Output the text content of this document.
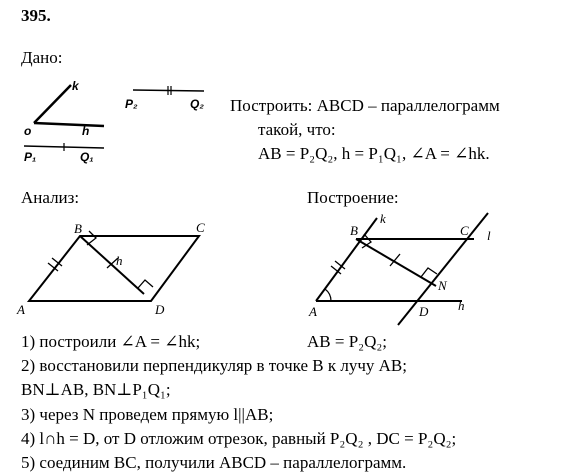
395.
Дано:
Построить: ABCD – параллелограмм
такой, что:
AB = P₂Q₂, h = P₁Q₁, ∠A = ∠hk.
Анализ:	Построение:
k
o	h
P₁	Q₁
P₂	Q₂
A
B	C
D
h
A
B	C
D
N
k
l
h
1) построили ∠A = ∠hk;	AB = P₂Q₂;
2) восстановили перпендикуляр в точке B к лучу AB;
BN⊥AB, BN⊥P₁Q₁;
3) через N проведем прямую l||AB;
4) l∩h = D, от D отложим отрезок, равный P₂Q₂ , DC = P₂Q₂;
5) соединим BC, получили ABCD – параллелограмм.
